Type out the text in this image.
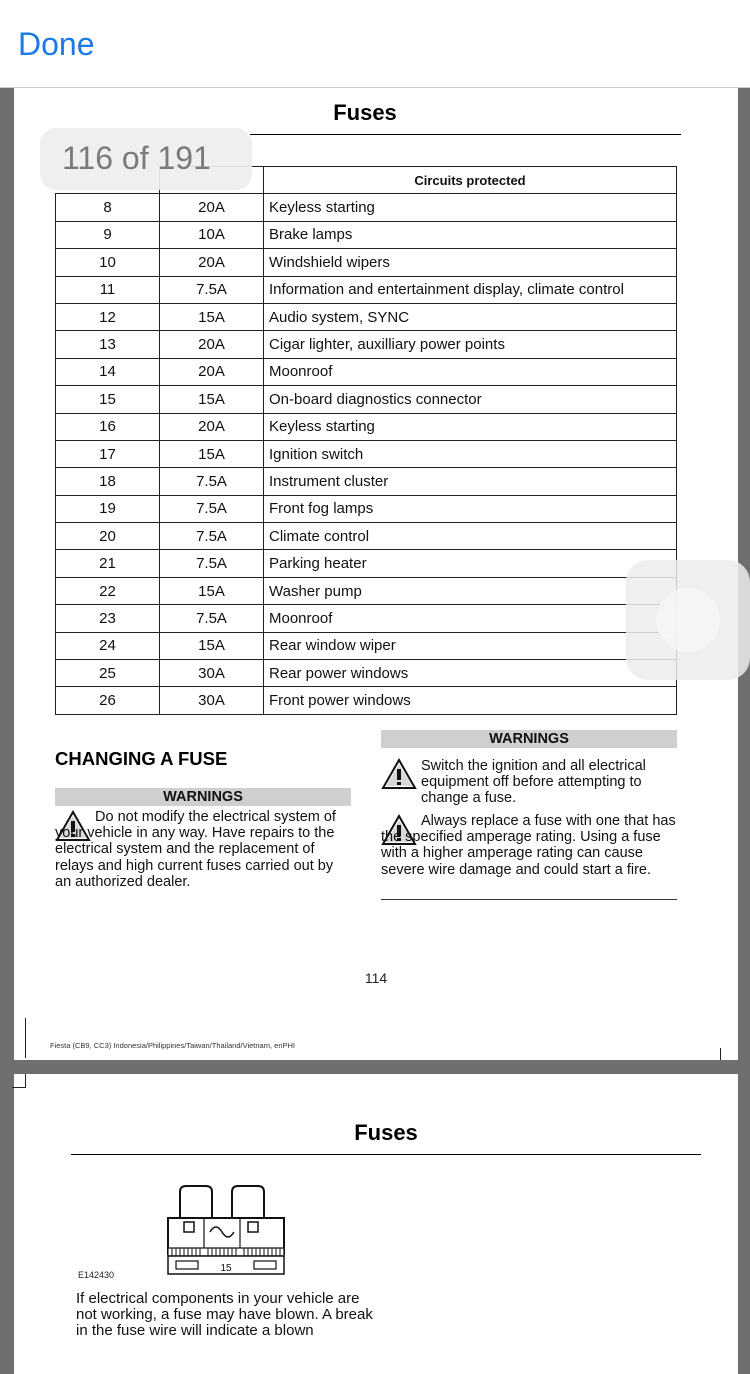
Done
Fuses
		Circuits protected
8	20A	Keyless starting
9	10A	Brake lamps
10	20A	Windshield wipers
11	7.5A	Information and entertainment display, climate control
12	15A	Audio system, SYNC
13	20A	Cigar lighter, auxilliary power points
14	20A	Moonroof
15	15A	On-board diagnostics connector
16	20A	Keyless starting
17	15A	Ignition switch
18	7.5A	Instrument cluster
19	7.5A	Front fog lamps
20	7.5A	Climate control
21	7.5A	Parking heater
22	15A	Washer pump
23	7.5A	Moonroof
24	15A	Rear window wiper
25	30A	Rear power windows
26	30A	Front power windows
CHANGING A FUSE
WARNINGS
Do not modify the electrical system of your vehicle in any way. Have repairs to the electrical system and the replacement of relays and high current fuses carried out by an authorized dealer.
WARNINGS
Switch the ignition and all electrical equipment off before attempting to change a fuse.
Always replace a fuse with one that has the specified amperage rating. Using a fuse with a higher amperage rating can cause severe wire damage and could start a fire.
114
Fiesta (CB9, CC3) Indonesia/Philippines/Taiwan/Thailand/Vietnam, enPHI
Fuses
15
E142430
If electrical components in your vehicle are not working, a fuse may have blown. A break in the fuse wire will indicate a blown
116 of 191
